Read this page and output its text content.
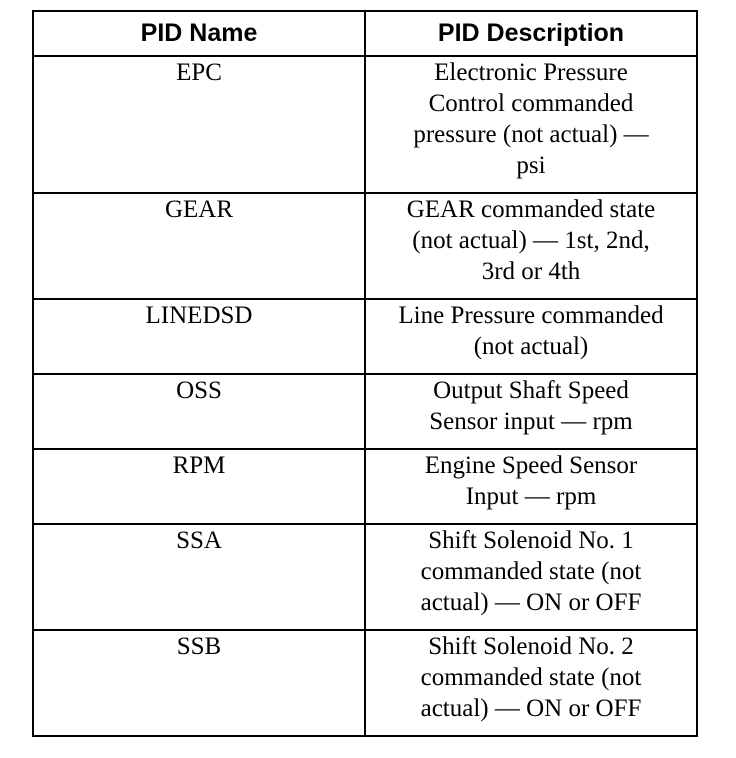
PID Name	PID Description
EPC	Electronic Pressure
Control commanded
pressure (not actual) —
psi
GEAR	GEAR commanded state
(not actual) — 1st, 2nd,
3rd or 4th
LINEDSD	Line Pressure commanded
(not actual)
OSS	Output Shaft Speed
Sensor input — rpm
RPM	Engine Speed Sensor
Input — rpm
SSA	Shift Solenoid No. 1
commanded state (not
actual) — ON or OFF
SSB	Shift Solenoid No. 2
commanded state (not
actual) — ON or OFF
